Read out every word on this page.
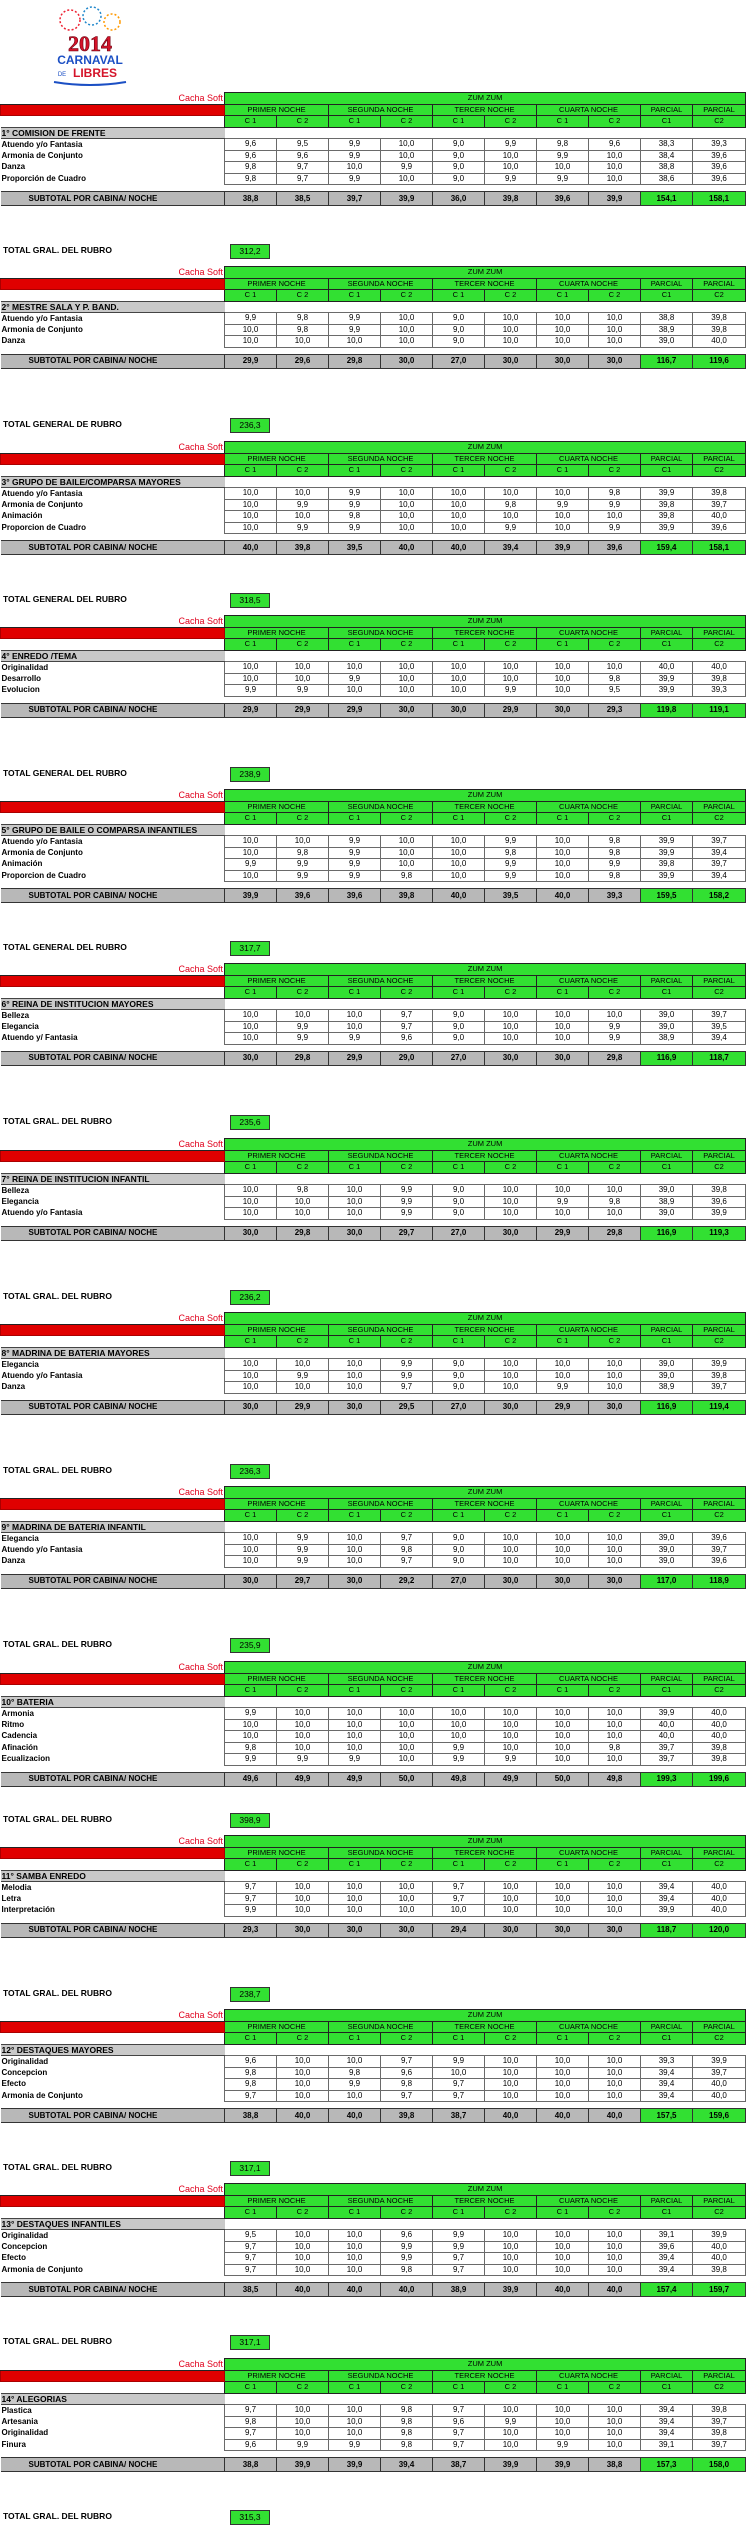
2014
CARNAVAL
DE LIBRES
Cacha Soft	ZUM ZUM									
	PRIMER NOCHE		SEGUNDA NOCHE		TERCER NOCHE		CUARTA NOCHE		PARCIAL	PARCIAL
	C 1	C 2	C 1	C 2	C 1	C 2	C 1	C 2	C1	C2
1° COMISION DE FRENTE										
Atuendo y/o Fantasia	9,6	9,5	9,9	10,0	9,0	9,9	9,8	9,6	38,3	39,3
Armonia de Conjunto	9,6	9,6	9,9	10,0	9,0	10,0	9,9	10,0	38,4	39,6
Danza	9,8	9,7	10,0	9,9	9,0	10,0	10,0	10,0	38,8	39,6
Proporción de Cuadro	9,8	9,7	9,9	10,0	9,0	9,9	9,9	10,0	38,6	39,6

SUBTOTAL POR CABINA/ NOCHE	38,8	38,5	39,7	39,9	36,0	39,8	39,6	39,9	154,1	158,1
TOTAL GRAL. DEL RUBRO	312,2
Cacha Soft	ZUM ZUM									
	PRIMER NOCHE		SEGUNDA NOCHE		TERCER NOCHE		CUARTA NOCHE		PARCIAL	PARCIAL
	C 1	C 2	C 1	C 2	C 1	C 2	C 1	C 2	C1	C2
2° MESTRE SALA Y P. BAND.										
Atuendo y/o Fantasia	9,9	9,8	9,9	10,0	9,0	10,0	10,0	10,0	38,8	39,8
Armonia de Conjunto	10,0	9,8	9,9	10,0	9,0	10,0	10,0	10,0	38,9	39,8
Danza	10,0	10,0	10,0	10,0	9,0	10,0	10,0	10,0	39,0	40,0

SUBTOTAL POR CABINA/ NOCHE	29,9	29,6	29,8	30,0	27,0	30,0	30,0	30,0	116,7	119,6
TOTAL GENERAL DE RUBRO	236,3
Cacha Soft	ZUM ZUM									
	PRIMER NOCHE		SEGUNDA NOCHE		TERCER NOCHE		CUARTA NOCHE		PARCIAL	PARCIAL
	C 1	C 2	C 1	C 2	C 1	C 2	C 1	C 2	C1	C2
3° GRUPO DE BAILE/COMPARSA MAYORES										
Atuendo y/o Fantasia	10,0	10,0	9,9	10,0	10,0	10,0	10,0	9,8	39,9	39,8
Armonia de Conjunto	10,0	9,9	9,9	10,0	10,0	9,8	9,9	9,9	39,8	39,7
Animación	10,0	10,0	9,8	10,0	10,0	10,0	10,0	10,0	39,8	40,0
Proporcion de Cuadro	10,0	9,9	9,9	10,0	10,0	9,9	10,0	9,9	39,9	39,6

SUBTOTAL POR CABINA/ NOCHE	40,0	39,8	39,5	40,0	40,0	39,4	39,9	39,6	159,4	158,1
TOTAL GENERAL DEL RUBRO	318,5
Cacha Soft	ZUM ZUM									
	PRIMER NOCHE		SEGUNDA NOCHE		TERCER NOCHE		CUARTA NOCHE		PARCIAL	PARCIAL
	C 1	C 2	C 1	C 2	C 1	C 2	C 1	C 2	C1	C2
4° ENREDO /TEMA										
Originalidad	10,0	10,0	10,0	10,0	10,0	10,0	10,0	10,0	40,0	40,0
Desarrollo	10,0	10,0	9,9	10,0	10,0	10,0	10,0	9,8	39,9	39,8
Evolucion	9,9	9,9	10,0	10,0	10,0	9,9	10,0	9,5	39,9	39,3

SUBTOTAL POR CABINA/ NOCHE	29,9	29,9	29,9	30,0	30,0	29,9	30,0	29,3	119,8	119,1
TOTAL GENERAL DEL RUBRO	238,9
Cacha Soft	ZUM ZUM									
	PRIMER NOCHE		SEGUNDA NOCHE		TERCER NOCHE		CUARTA NOCHE		PARCIAL	PARCIAL
	C 1	C 2	C 1	C 2	C 1	C 2	C 1	C 2	C1	C2
5° GRUPO DE BAILE O COMPARSA INFANTILES										
Atuendo y/o Fantasia	10,0	10,0	9,9	10,0	10,0	9,9	10,0	9,8	39,9	39,7
Armonia de Conjunto	10,0	9,8	9,9	10,0	10,0	9,8	10,0	9,8	39,9	39,4
Animación	9,9	9,9	9,9	10,0	10,0	9,9	10,0	9,9	39,8	39,7
Proporcion de Cuadro	10,0	9,9	9,9	9,8	10,0	9,9	10,0	9,8	39,9	39,4

SUBTOTAL POR CABINA/ NOCHE	39,9	39,6	39,6	39,8	40,0	39,5	40,0	39,3	159,5	158,2
TOTAL GENERAL DEL RUBRO	317,7
Cacha Soft	ZUM ZUM									
	PRIMER NOCHE		SEGUNDA NOCHE		TERCER NOCHE		CUARTA NOCHE		PARCIAL	PARCIAL
	C 1	C 2	C 1	C 2	C 1	C 2	C 1	C 2	C1	C2
6° REINA DE INSTITUCION MAYORES										
Belleza	10,0	10,0	10,0	9,7	9,0	10,0	10,0	10,0	39,0	39,7
Elegancia	10,0	9,9	10,0	9,7	9,0	10,0	10,0	9,9	39,0	39,5
Atuendo y/ Fantasia	10,0	9,9	9,9	9,6	9,0	10,0	10,0	9,9	38,9	39,4

SUBTOTAL POR CABINA/ NOCHE	30,0	29,8	29,9	29,0	27,0	30,0	30,0	29,8	116,9	118,7
TOTAL GRAL. DEL RUBRO	235,6
Cacha Soft	ZUM ZUM									
	PRIMER NOCHE		SEGUNDA NOCHE		TERCER NOCHE		CUARTA NOCHE		PARCIAL	PARCIAL
	C 1	C 2	C 1	C 2	C 1	C 2	C 1	C 2	C1	C2
7° REINA DE INSTITUCION INFANTIL										
Belleza	10,0	9,8	10,0	9,9	9,0	10,0	10,0	10,0	39,0	39,8
Elegancia	10,0	10,0	10,0	9,9	9,0	10,0	9,9	9,8	38,9	39,6
Atuendo y/o Fantasia	10,0	10,0	10,0	9,9	9,0	10,0	10,0	10,0	39,0	39,9

SUBTOTAL POR CABINA/ NOCHE	30,0	29,8	30,0	29,7	27,0	30,0	29,9	29,8	116,9	119,3
TOTAL GRAL. DEL RUBRO	236,2
Cacha Soft	ZUM ZUM									
	PRIMER NOCHE		SEGUNDA NOCHE		TERCER NOCHE		CUARTA NOCHE		PARCIAL	PARCIAL
	C 1	C 2	C 1	C 2	C 1	C 2	C 1	C 2	C1	C2
8° MADRINA DE BATERIA MAYORES										
Elegancia	10,0	10,0	10,0	9,9	9,0	10,0	10,0	10,0	39,0	39,9
Atuendo y/o Fantasia	10,0	9,9	10,0	9,9	9,0	10,0	10,0	10,0	39,0	39,8
Danza	10,0	10,0	10,0	9,7	9,0	10,0	9,9	10,0	38,9	39,7

SUBTOTAL POR CABINA/ NOCHE	30,0	29,9	30,0	29,5	27,0	30,0	29,9	30,0	116,9	119,4
TOTAL GRAL. DEL RUBRO	236,3
Cacha Soft	ZUM ZUM									
	PRIMER NOCHE		SEGUNDA NOCHE		TERCER NOCHE		CUARTA NOCHE		PARCIAL	PARCIAL
	C 1	C 2	C 1	C 2	C 1	C 2	C 1	C 2	C1	C2
9° MADRINA DE BATERIA INFANTIL										
Elegancia	10,0	9,9	10,0	9,7	9,0	10,0	10,0	10,0	39,0	39,6
Atuendo y/o Fantasia	10,0	9,9	10,0	9,8	9,0	10,0	10,0	10,0	39,0	39,7
Danza	10,0	9,9	10,0	9,7	9,0	10,0	10,0	10,0	39,0	39,6

SUBTOTAL POR CABINA/ NOCHE	30,0	29,7	30,0	29,2	27,0	30,0	30,0	30,0	117,0	118,9
TOTAL GRAL. DEL RUBRO	235,9
Cacha Soft	ZUM ZUM									
	PRIMER NOCHE		SEGUNDA NOCHE		TERCER NOCHE		CUARTA NOCHE		PARCIAL	PARCIAL
	C 1	C 2	C 1	C 2	C 1	C 2	C 1	C 2	C1	C2
10° BATERIA										
Armonia	9,9	10,0	10,0	10,0	10,0	10,0	10,0	10,0	39,9	40,0
Ritmo	10,0	10,0	10,0	10,0	10,0	10,0	10,0	10,0	40,0	40,0
Cadencia	10,0	10,0	10,0	10,0	10,0	10,0	10,0	10,0	40,0	40,0
Afinación	9,8	10,0	10,0	10,0	9,9	10,0	10,0	9,8	39,7	39,8
Ecualizacion	9,9	9,9	9,9	10,0	9,9	9,9	10,0	10,0	39,7	39,8

SUBTOTAL POR CABINA/ NOCHE	49,6	49,9	49,9	50,0	49,8	49,9	50,0	49,8	199,3	199,6
TOTAL GRAL. DEL RUBRO	398,9
Cacha Soft	ZUM ZUM									
	PRIMER NOCHE		SEGUNDA NOCHE		TERCER NOCHE		CUARTA NOCHE		PARCIAL	PARCIAL
	C 1	C 2	C 1	C 2	C 1	C 2	C 1	C 2	C1	C2
11° SAMBA ENREDO										
Melodia	9,7	10,0	10,0	10,0	9,7	10,0	10,0	10,0	39,4	40,0
Letra	9,7	10,0	10,0	10,0	9,7	10,0	10,0	10,0	39,4	40,0
Interpretación	9,9	10,0	10,0	10,0	10,0	10,0	10,0	10,0	39,9	40,0

SUBTOTAL POR CABINA/ NOCHE	29,3	30,0	30,0	30,0	29,4	30,0	30,0	30,0	118,7	120,0
TOTAL GRAL. DEL RUBRO	238,7
Cacha Soft	ZUM ZUM									
	PRIMER NOCHE		SEGUNDA NOCHE		TERCER NOCHE		CUARTA NOCHE		PARCIAL	PARCIAL
	C 1	C 2	C 1	C 2	C 1	C 2	C 1	C 2	C1	C2
12° DESTAQUES MAYORES										
Originalidad	9,6	10,0	10,0	9,7	9,9	10,0	10,0	10,0	39,3	39,9
Concepcion	9,8	10,0	9,8	9,6	10,0	10,0	10,0	10,0	39,4	39,7
Efecto	9,8	10,0	9,9	9,8	9,7	10,0	10,0	10,0	39,4	40,0
Armonia de Conjunto	9,7	10,0	10,0	9,7	9,7	10,0	10,0	10,0	39,4	40,0

SUBTOTAL POR CABINA/ NOCHE	38,8	40,0	40,0	39,8	38,7	40,0	40,0	40,0	157,5	159,6
TOTAL GRAL. DEL RUBRO	317,1
Cacha Soft	ZUM ZUM									
	PRIMER NOCHE		SEGUNDA NOCHE		TERCER NOCHE		CUARTA NOCHE		PARCIAL	PARCIAL
	C 1	C 2	C 1	C 2	C 1	C 2	C 1	C 2	C1	C2
13° DESTAQUES INFANTILES										
Originalidad	9,5	10,0	10,0	9,6	9,9	10,0	10,0	10,0	39,1	39,9
Concepcion	9,7	10,0	10,0	9,9	9,9	10,0	10,0	10,0	39,6	40,0
Efecto	9,7	10,0	10,0	9,9	9,7	10,0	10,0	10,0	39,4	40,0
Armonia de Conjunto	9,7	10,0	10,0	9,8	9,7	10,0	10,0	10,0	39,4	39,8

SUBTOTAL POR CABINA/ NOCHE	38,5	40,0	40,0	40,0	38,9	39,9	40,0	40,0	157,4	159,7
TOTAL GRAL. DEL RUBRO	317,1
Cacha Soft	ZUM ZUM									
	PRIMER NOCHE		SEGUNDA NOCHE		TERCER NOCHE		CUARTA NOCHE		PARCIAL	PARCIAL
	C 1	C 2	C 1	C 2	C 1	C 2	C 1	C 2	C1	C2
14° ALEGORIAS										
Plastica	9,7	10,0	10,0	9,8	9,7	10,0	10,0	10,0	39,4	39,8
Artesania	9,8	10,0	10,0	9,8	9,6	9,9	10,0	10,0	39,4	39,7
Originalidad	9,7	10,0	10,0	9,8	9,7	10,0	10,0	10,0	39,4	39,8
Finura	9,6	9,9	9,9	9,8	9,7	10,0	9,9	10,0	39,1	39,7

SUBTOTAL POR CABINA/ NOCHE	38,8	39,9	39,9	39,4	38,7	39,9	39,9	38,8	157,3	158,0
TOTAL GRAL. DEL RUBRO	315,3
